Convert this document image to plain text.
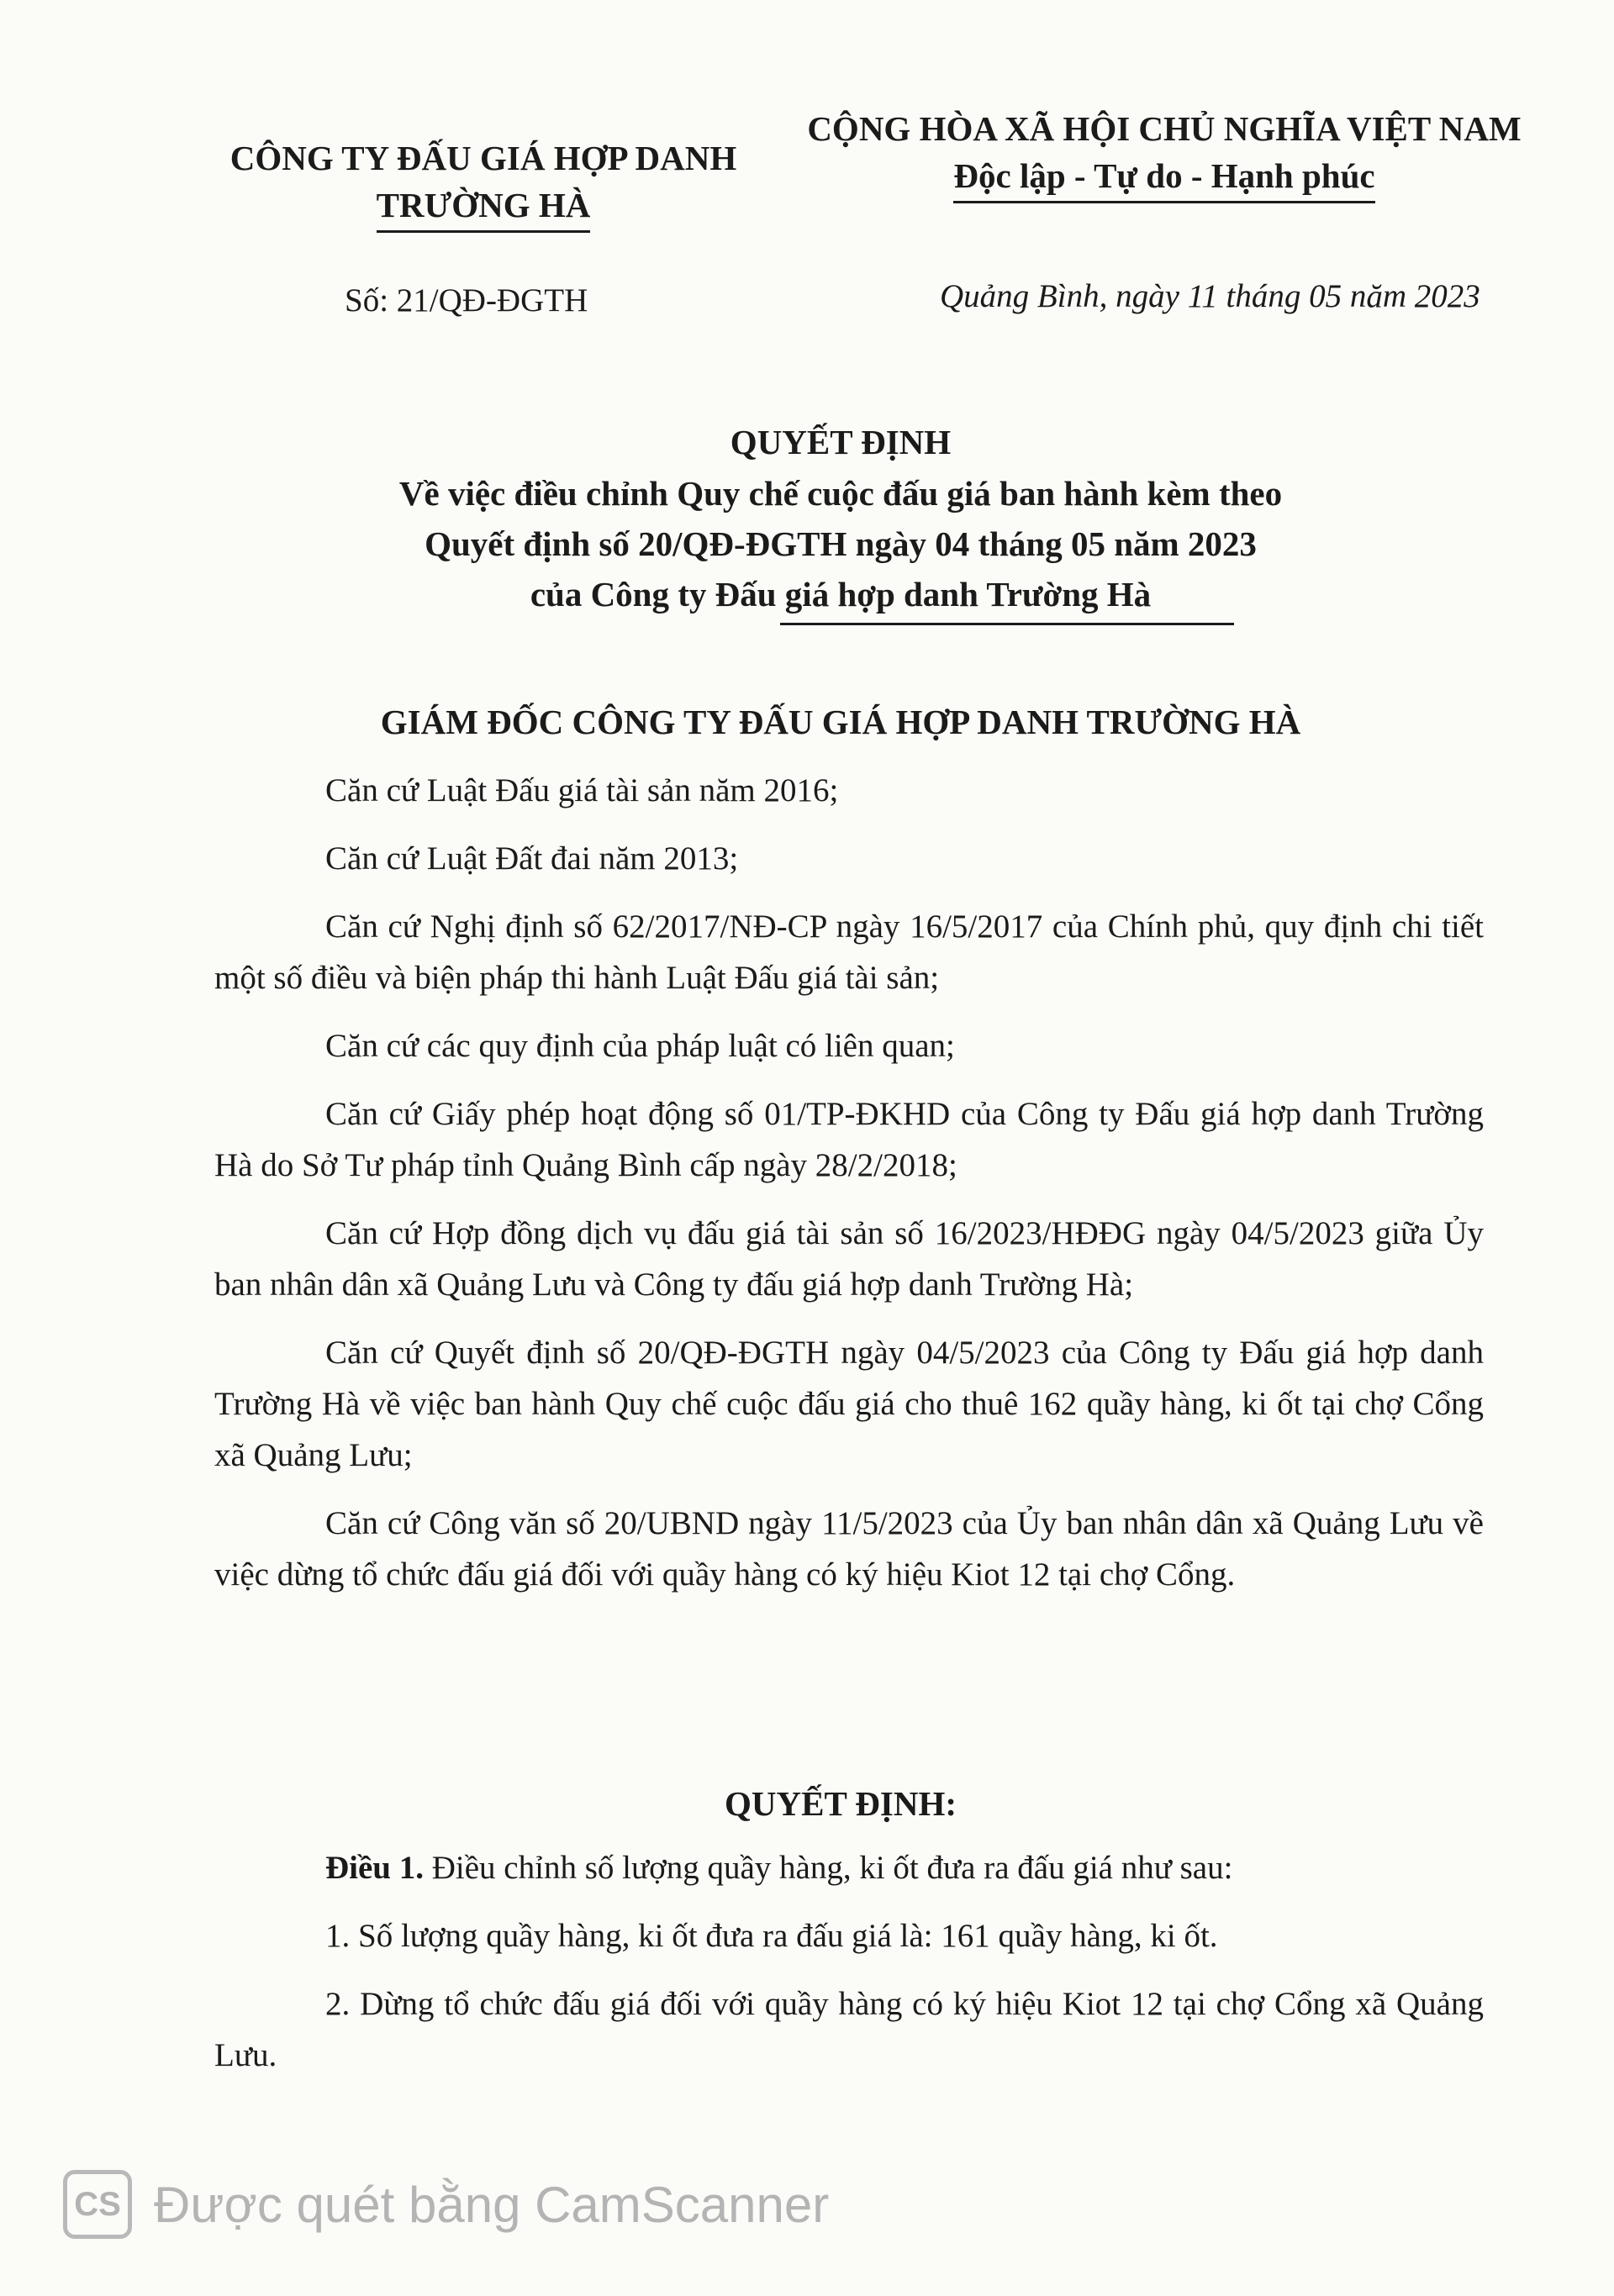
CÔNG TY ĐẤU GIÁ HỢP DANH
TRƯỜNG HÀ
CỘNG HÒA XÃ HỘI CHỦ NGHĨA VIỆT NAM
Độc lập - Tự do - Hạnh phúc
Số: 21/QĐ-ĐGTH	Quảng Bình, ngày 11 tháng 05 năm 2023
QUYẾT ĐỊNH
Về việc điều chỉnh Quy chế cuộc đấu giá ban hành kèm theo
Quyết định số 20/QĐ-ĐGTH ngày 04 tháng 05 năm 2023
của Công ty Đấu giá hợp danh Trường Hà
GIÁM ĐỐC CÔNG TY ĐẤU GIÁ HỢP DANH TRƯỜNG HÀ

Căn cứ Luật Đấu giá tài sản năm 2016;

Căn cứ Luật Đất đai năm 2013;

Căn cứ Nghị định số 62/2017/NĐ-CP ngày 16/5/2017 của Chính phủ, quy định chi tiết một số điều và biện pháp thi hành Luật Đấu giá tài sản;

Căn cứ các quy định của pháp luật có liên quan;

Căn cứ Giấy phép hoạt động số 01/TP-ĐKHD của Công ty Đấu giá hợp danh Trường Hà do Sở Tư pháp tỉnh Quảng Bình cấp ngày 28/2/2018;

Căn cứ Hợp đồng dịch vụ đấu giá tài sản số 16/2023/HĐĐG ngày 04/5/2023 giữa Ủy ban nhân dân xã Quảng Lưu và Công ty đấu giá hợp danh Trường Hà;

Căn cứ Quyết định số 20/QĐ-ĐGTH ngày 04/5/2023 của Công ty Đấu giá hợp danh Trường Hà về việc ban hành Quy chế cuộc đấu giá cho thuê 162 quầy hàng, ki ốt tại chợ Cổng xã Quảng Lưu;

Căn cứ Công văn số 20/UBND ngày 11/5/2023 của Ủy ban nhân dân xã Quảng Lưu về việc dừng tổ chức đấu giá đối với quầy hàng có ký hiệu Kiot 12 tại chợ Cổng.

QUYẾT ĐỊNH:

Điều 1. Điều chỉnh số lượng quầy hàng, ki ốt đưa ra đấu giá như sau:

1. Số lượng quầy hàng, ki ốt đưa ra đấu giá là: 161 quầy hàng, ki ốt.

2. Dừng tổ chức đấu giá đối với quầy hàng có ký hiệu Kiot 12 tại chợ Cổng xã Quảng Lưu.

CS Được quét bằng CamScanner
